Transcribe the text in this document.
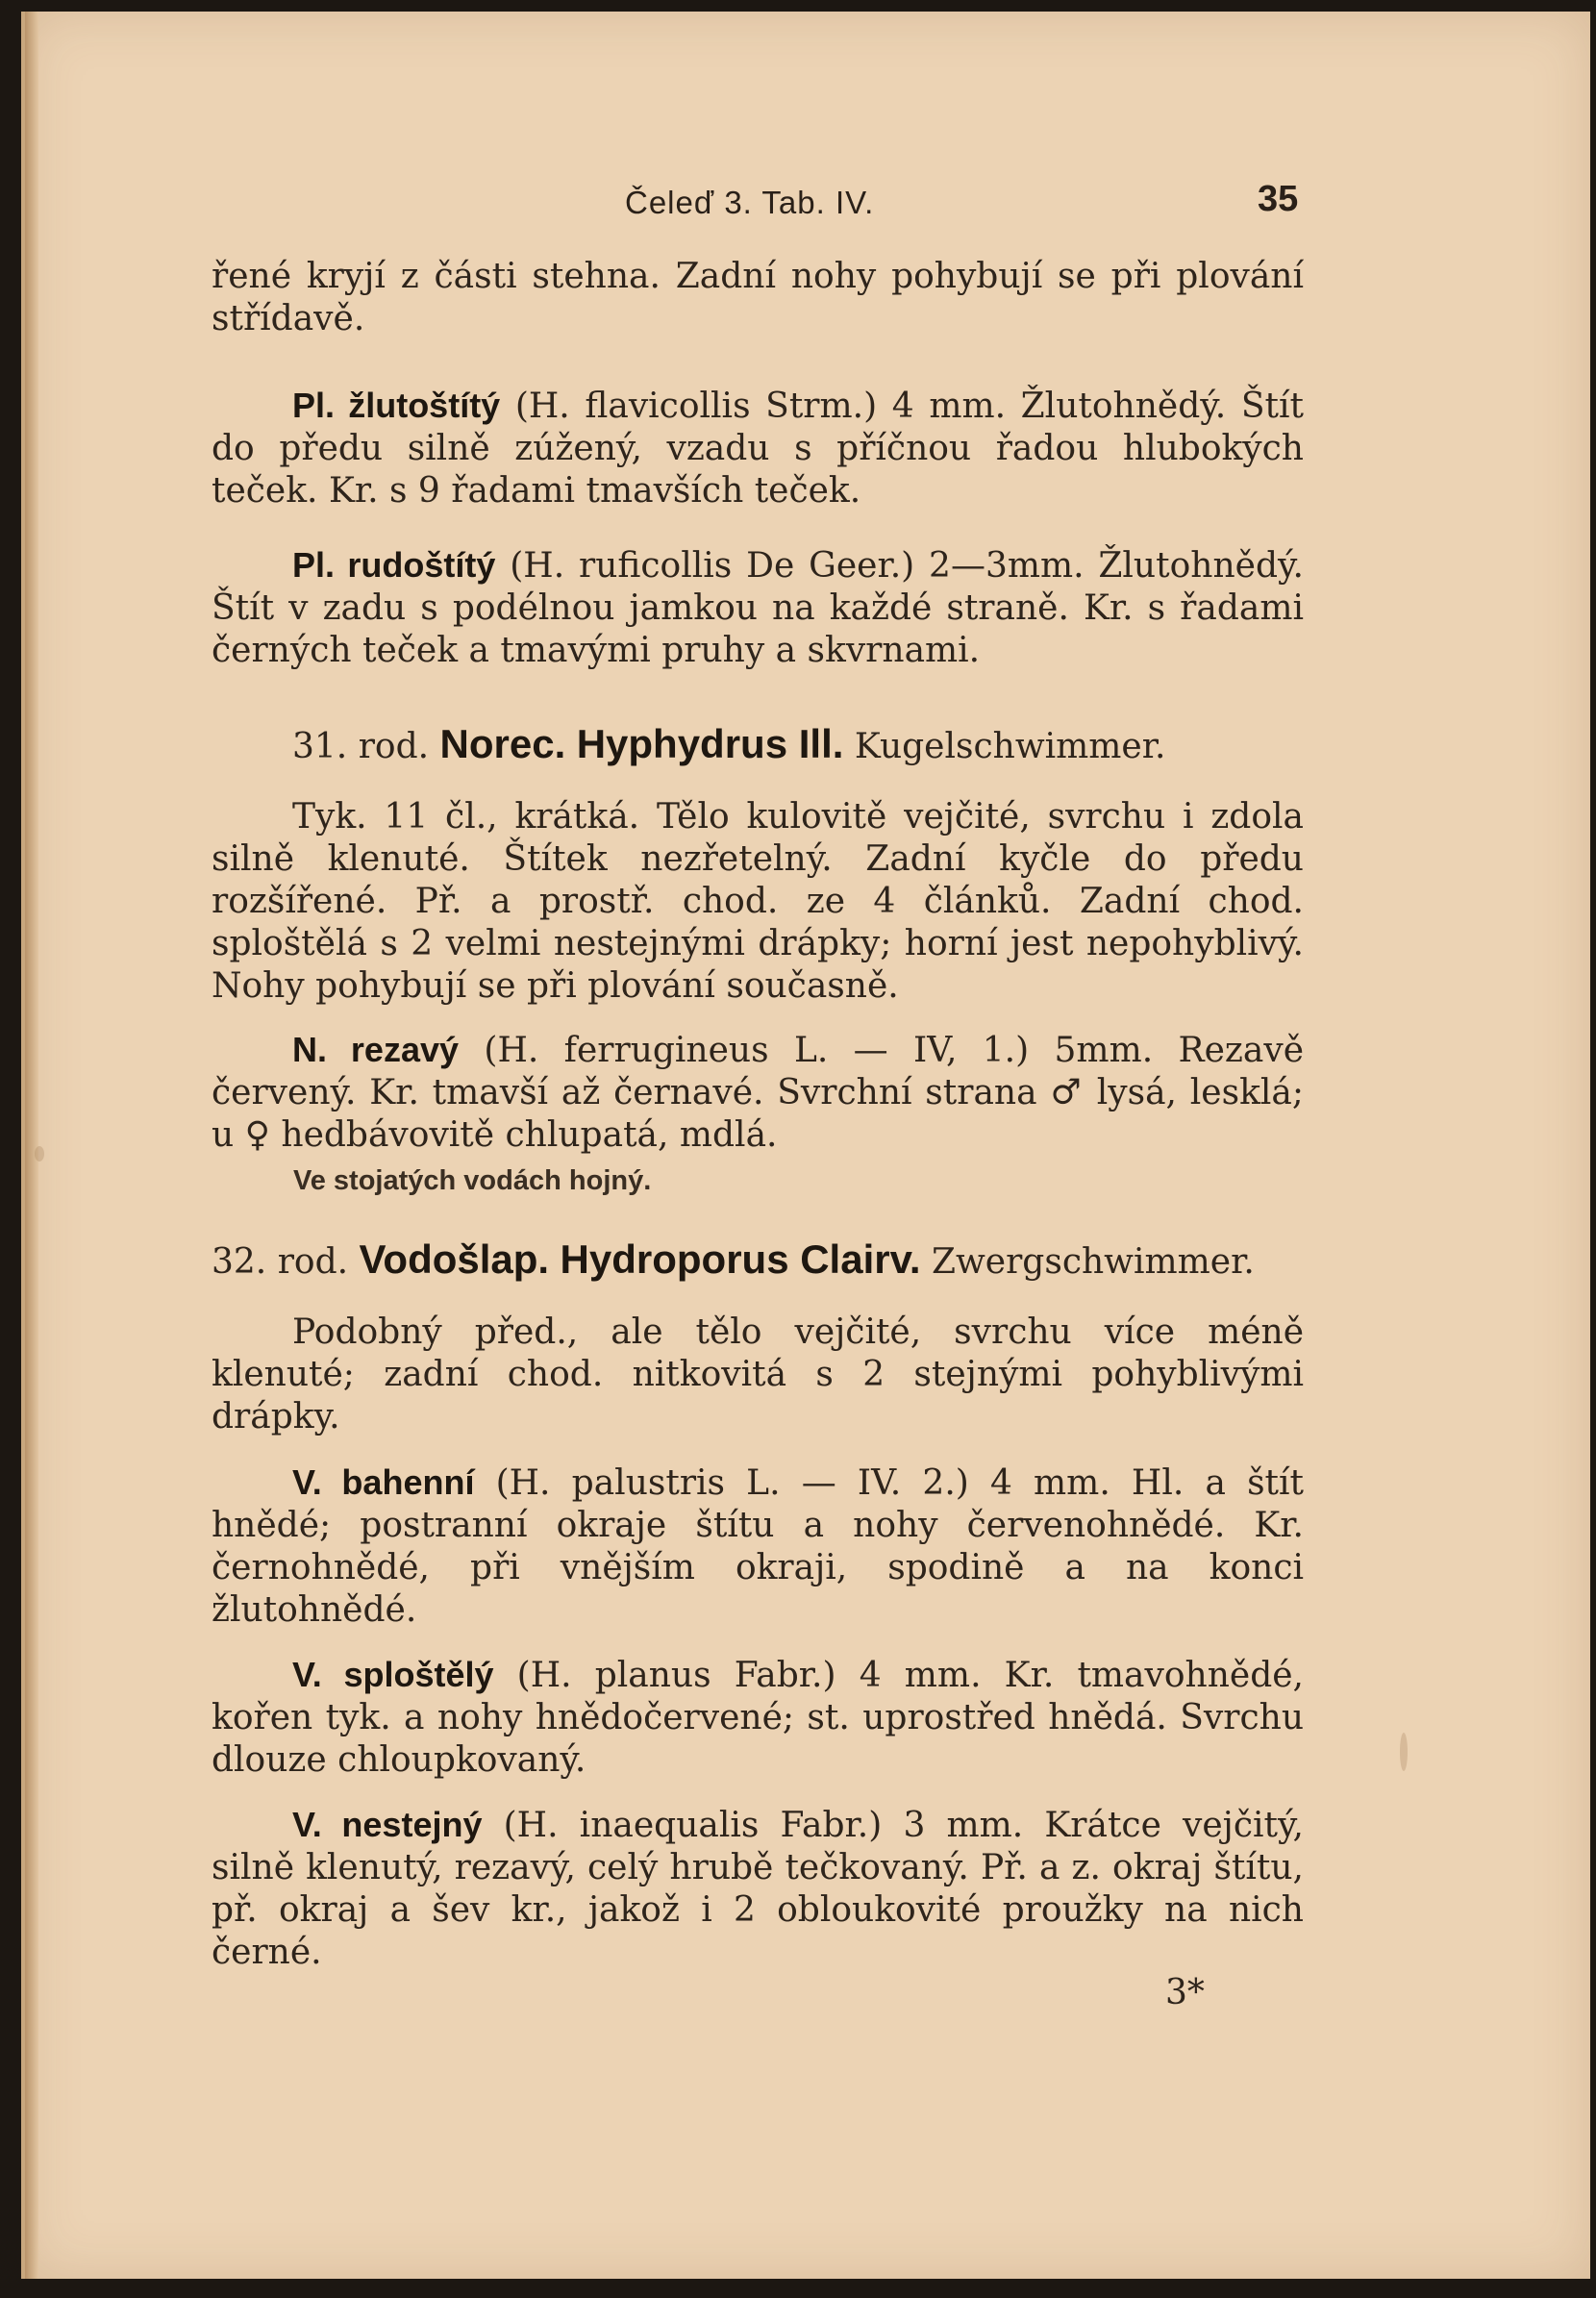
Čeleď 3. Tab. IV.	35

řené kryjí z části stehna. Zadní nohy pohybují se při plování střídavě.

Pl. žlutoštítý (H. flavicollis Strm.) 4 mm. Žlutohnědý. Štít do předu silně zúžený, vzadu s příčnou řadou hlubokých teček. Kr. s 9 řadami tmavších teček.

Pl. rudoštítý (H. ruficollis De Geer.) 2—3mm. Žlutohnědý. Štít v zadu s podélnou jamkou na každé straně. Kr. s řadami černých teček a tmavými pruhy a skvrnami.

31. rod. Norec. Hyphydrus Ill. Kugelschwimmer.

Tyk. 11 čl., krátká. Tělo kulovitě vejčité, svrchu i zdola silně klenuté. Štítek nezřetelný. Zadní kyčle do předu rozšířené. Př. a prostř. chod. ze 4 článků. Zadní chod. sploštělá s 2 velmi nestejnými drápky; horní jest nepohyblivý. Nohy pohybují se při plování současně.

N. rezavý (H. ferrugineus L. — IV, 1.) 5mm. Rezavě červený. Kr. tmavší až černavé. Svrchní strana ♂ lysá, lesklá; u ♀ hedbávovitě chlupatá, mdlá.

Ve stojatých vodách hojný.

32. rod. Vodošlap. Hydroporus Clairv. Zwergschwimmer.

Podobný před., ale tělo vejčité, svrchu více méně klenuté; zadní chod. nitkovitá s 2 stejnými pohyblivými drápky.

V. bahenní (H. palustris L. — IV. 2.) 4 mm. Hl. a štít hnědé; postranní okraje štítu a nohy červenohnědé. Kr. černohnědé, při vnějším okraji, spodině a na konci žlutohnědé.

V. sploštělý (H. planus Fabr.) 4 mm. Kr. tmavohnědé, kořen tyk. a nohy hnědočervené; st. uprostřed hnědá. Svrchu dlouze chloupkovaný.

V. nestejný (H. inaequalis Fabr.) 3 mm. Krátce vejčitý, silně klenutý, rezavý, celý hrubě tečkovaný. Př. a z. okraj štítu, př. okraj a šev kr., jakož i 2 obloukovité proužky na nich černé.

3*
